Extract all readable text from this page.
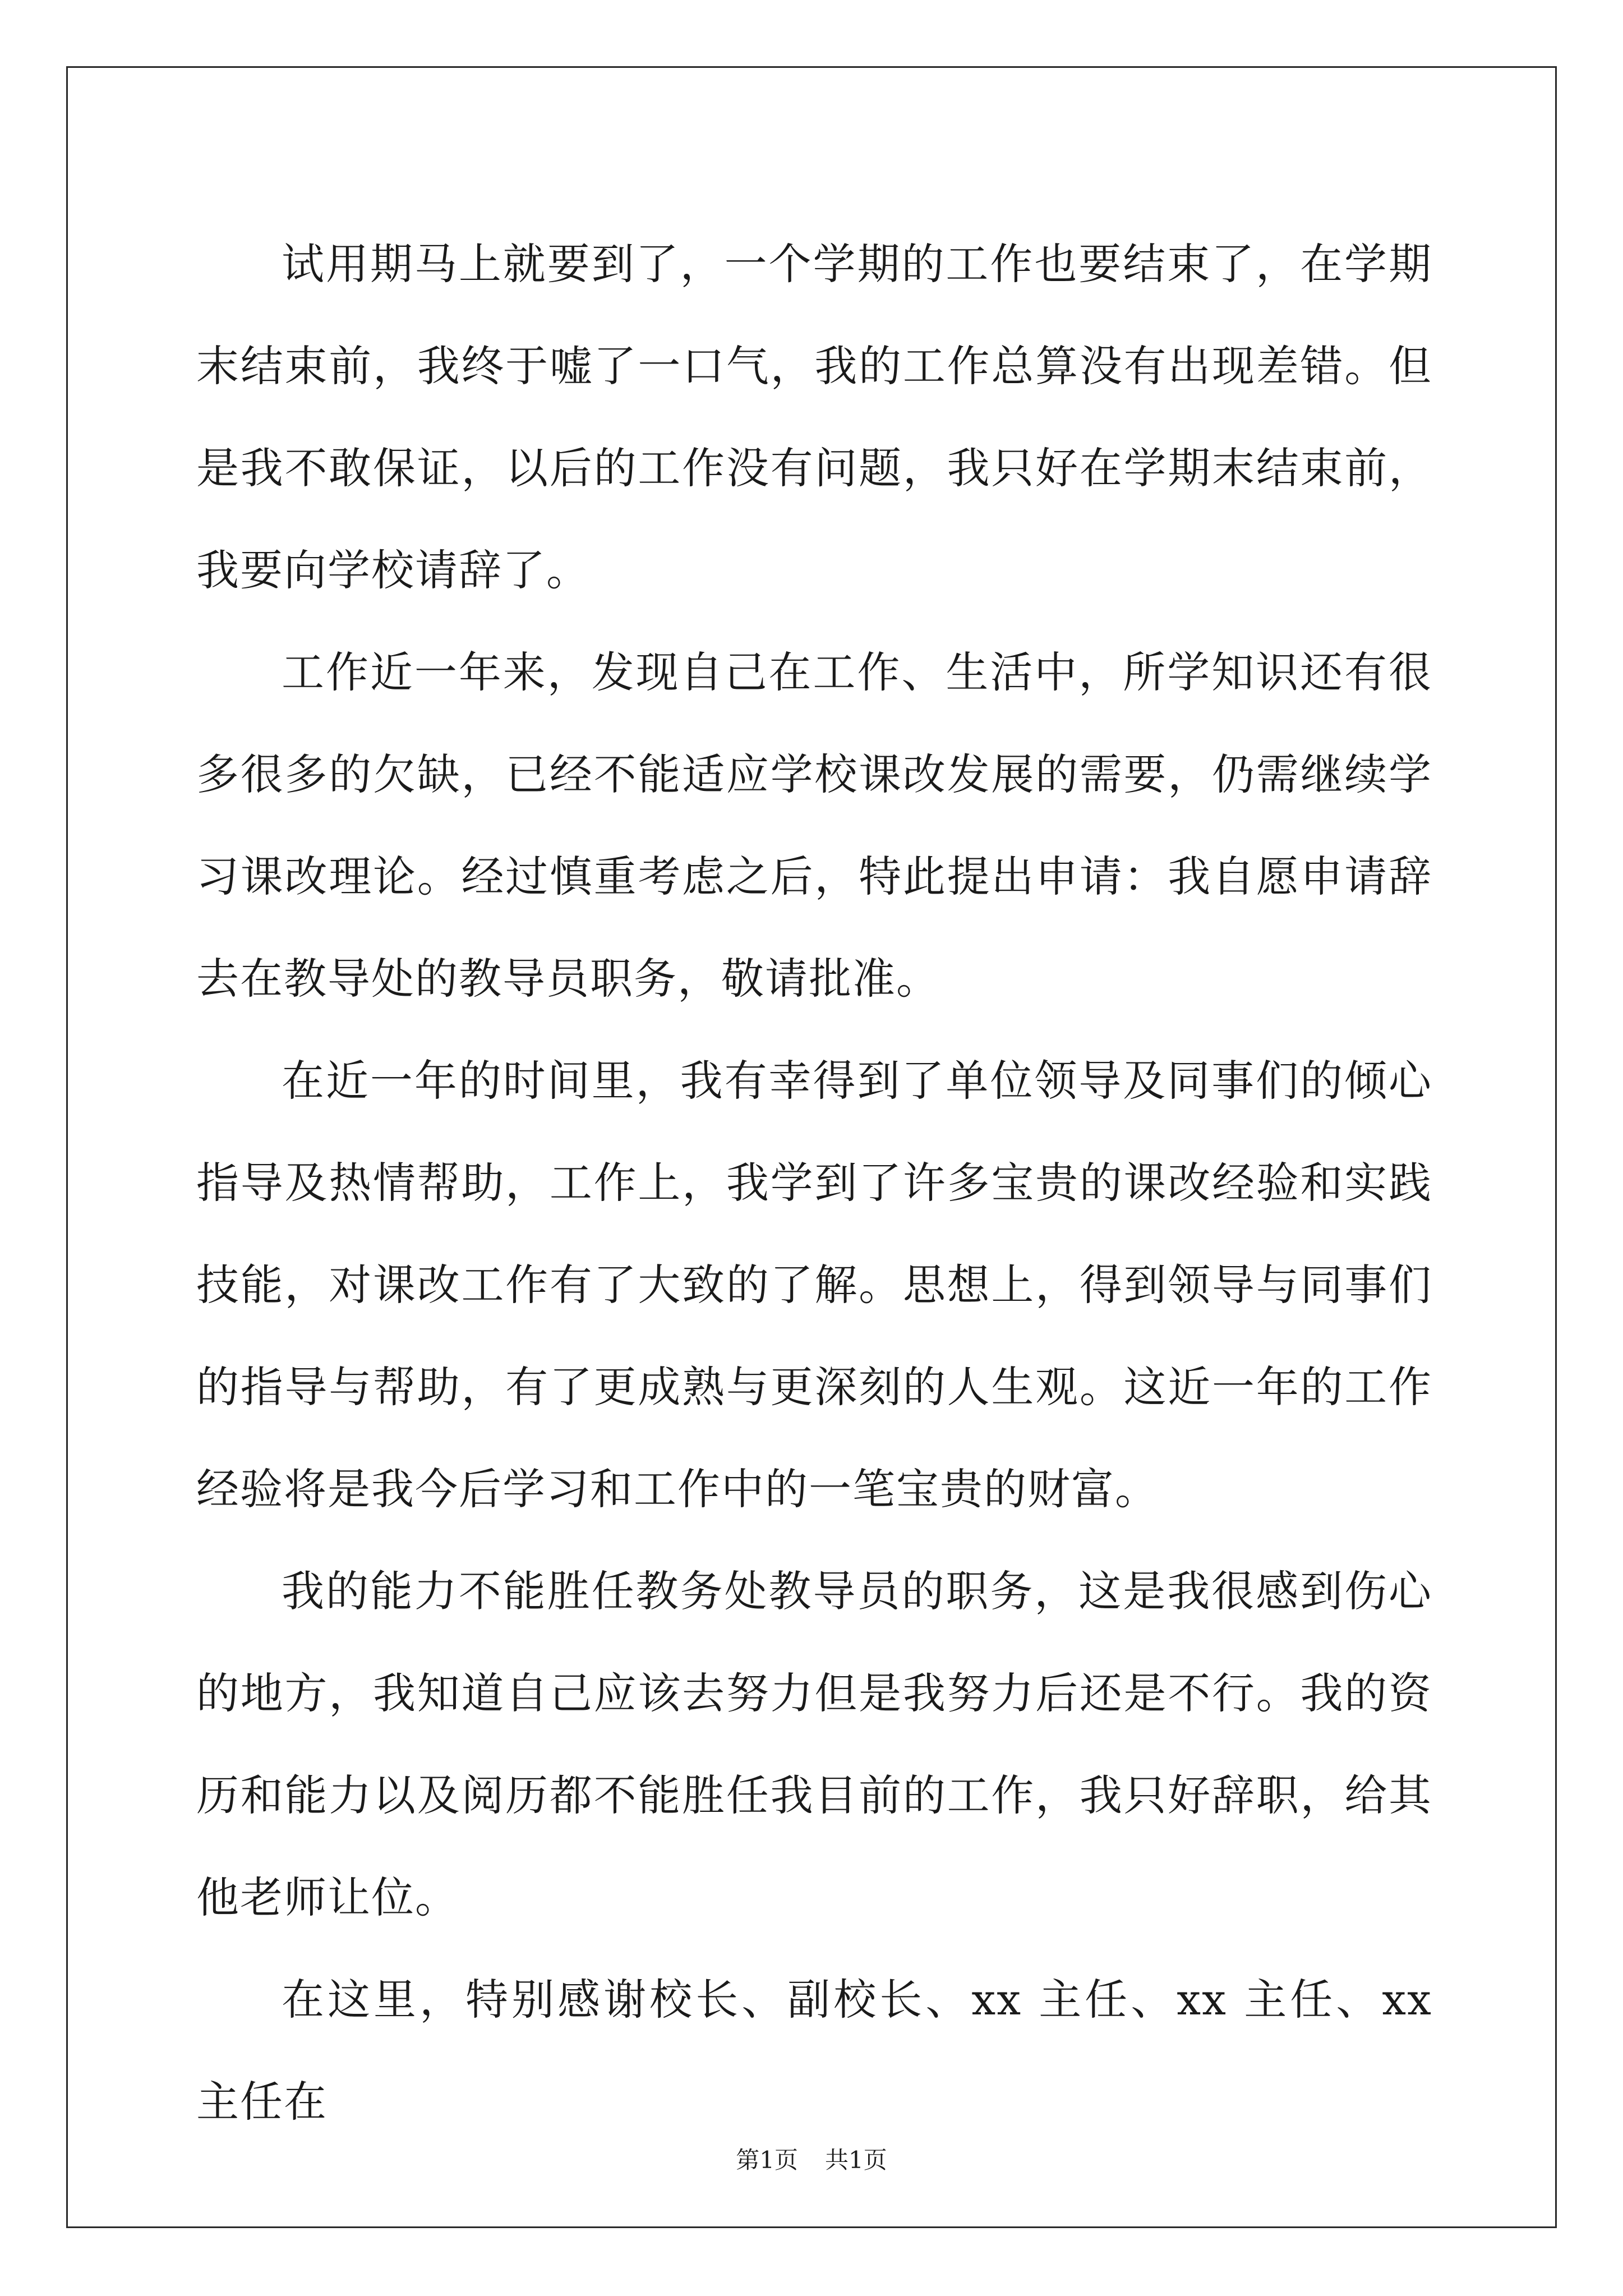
试用期马上就要到了，一个学期的工作也要结束了，在学期末结束前，我终于嘘了一口气，我的工作总算没有出现差错。但是我不敢保证，以后的工作没有问题，我只好在学期末结束前，我要向学校请辞了。

工作近一年来，发现自己在工作、生活中，所学知识还有很多很多的欠缺，已经不能适应学校课改发展的需要，仍需继续学习课改理论。经过慎重考虑之后，特此提出申请：我自愿申请辞去在教导处的教导员职务，敬请批准。

在近一年的时间里，我有幸得到了单位领导及同事们的倾心指导及热情帮助，工作上，我学到了许多宝贵的课改经验和实践技能，对课改工作有了大致的了解。思想上，得到领导与同事们的指导与帮助，有了更成熟与更深刻的人生观。这近一年的工作经验将是我今后学习和工作中的一笔宝贵的财富。

我的能力不能胜任教务处教导员的职务，这是我很感到伤心的地方，我知道自己应该去努力但是我努力后还是不行。我的资历和能力以及阅历都不能胜任我目前的工作，我只好辞职，给其他老师让位。

在这里，特别感谢校长、副校长、xx 主任、xx 主任、xx 主任在

第1页 共1页
